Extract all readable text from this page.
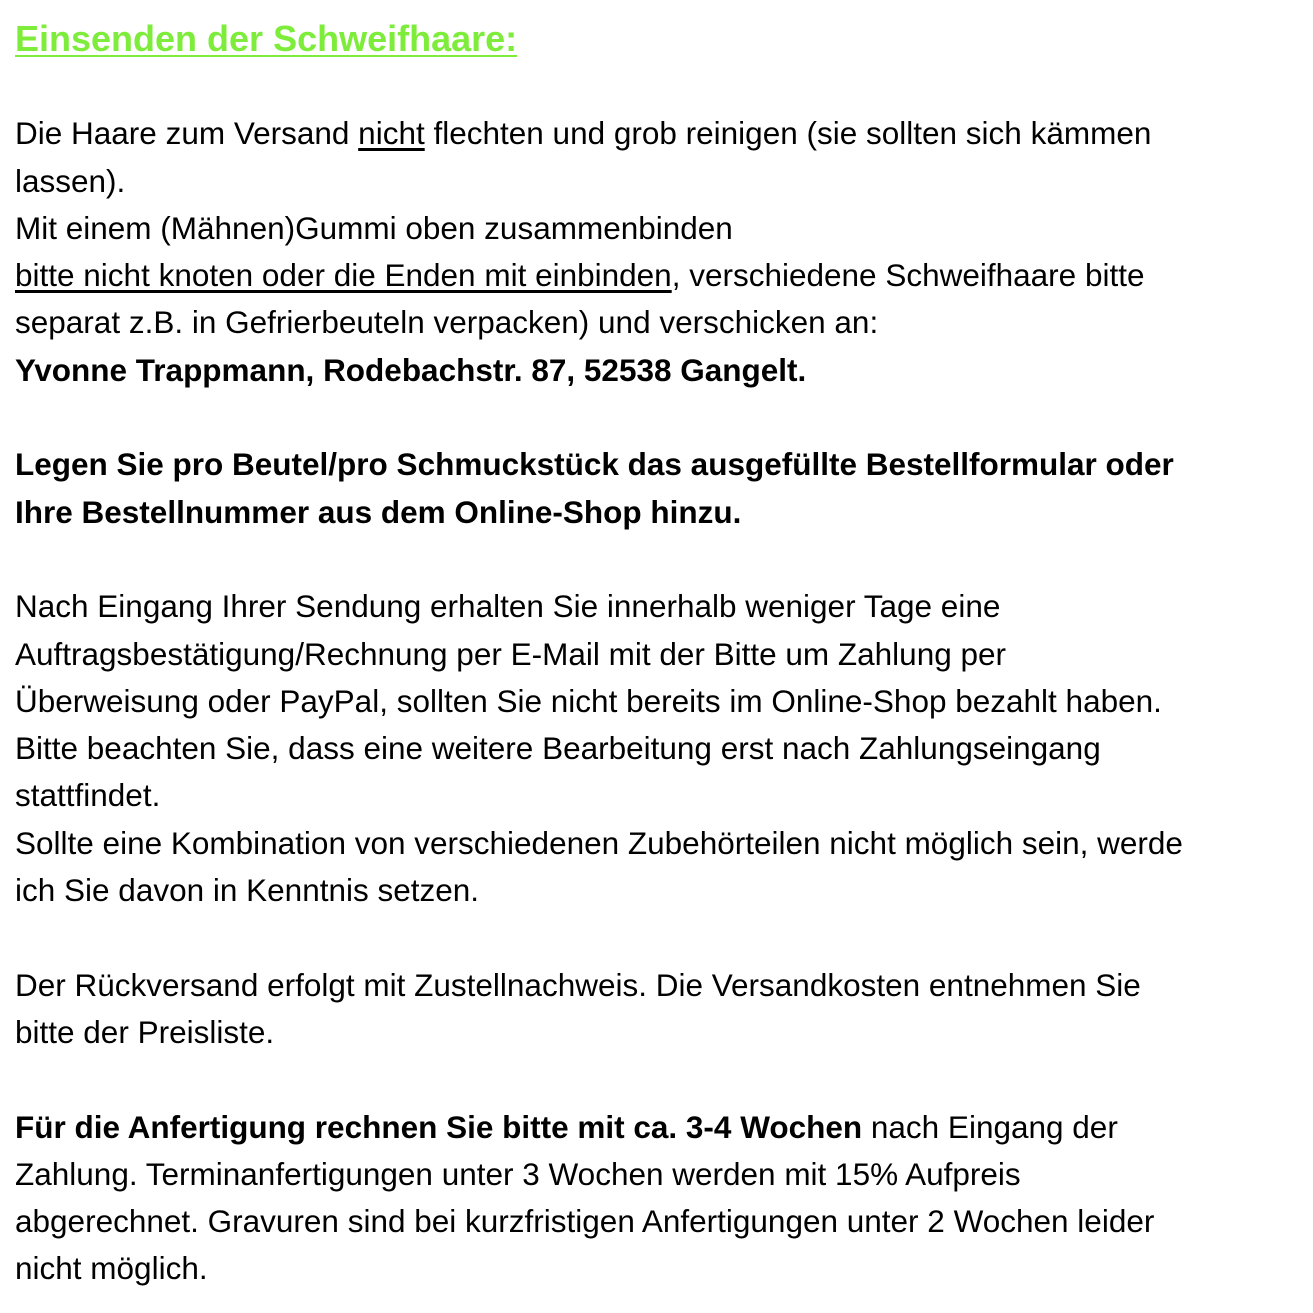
Einsenden der Schweifhaare:

Die Haare zum Versand nicht flechten und grob reinigen (sie sollten sich kämmen

lassen).

Mit einem (Mähnen)Gummi oben zusammenbinden

bitte nicht knoten oder die Enden mit einbinden, verschiedene Schweifhaare bitte

separat z.B. in Gefrierbeuteln verpacken) und verschicken an:

Yvonne Trappmann, Rodebachstr. 87, 52538 Gangelt.

Legen Sie pro Beutel/pro Schmuckstück das ausgefüllte Bestellformular oder

Ihre Bestellnummer aus dem Online-Shop hinzu.

Nach Eingang Ihrer Sendung erhalten Sie innerhalb weniger Tage eine

Auftragsbestätigung/Rechnung per E-Mail mit der Bitte um Zahlung per

Überweisung oder PayPal, sollten Sie nicht bereits im Online-Shop bezahlt haben.

Bitte beachten Sie, dass eine weitere Bearbeitung erst nach Zahlungseingang

stattfindet.

Sollte eine Kombination von verschiedenen Zubehörteilen nicht möglich sein, werde

ich Sie davon in Kenntnis setzen.

Der Rückversand erfolgt mit Zustellnachweis. Die Versandkosten entnehmen Sie

bitte der Preisliste.

Für die Anfertigung rechnen Sie bitte mit ca. 3-4 Wochen nach Eingang der

Zahlung. Terminanfertigungen unter 3 Wochen werden mit 15% Aufpreis

abgerechnet. Gravuren sind bei kurzfristigen Anfertigungen unter 2 Wochen leider

nicht möglich.
